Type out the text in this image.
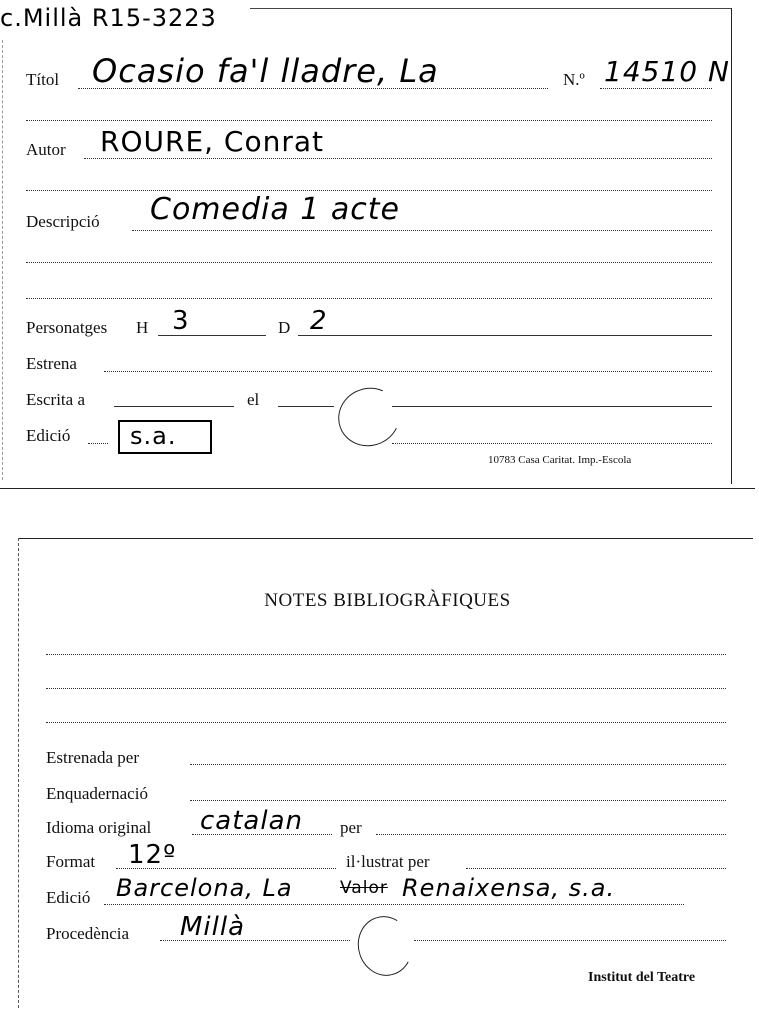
c.Millà R15-3223
Títol Ocasio fa'l lladre, La	N.º 14510 N
Autor ROURE, Conrat
Descripció Comedia 1 acte
Personatges H 3	D 2
Estrena
Escrita a	el
Edició s.a.
10783 Casa Caritat. Imp.-Escola
NOTES BIBLIOGRÀFIQUES
Estrenada per
Enquadernació
Idioma original catalan per
Format 12º	il·lustrat per
Edició Barcelona, La	Valor Renaixensa, s.a.
Procedència Millà
Institut del Teatre
